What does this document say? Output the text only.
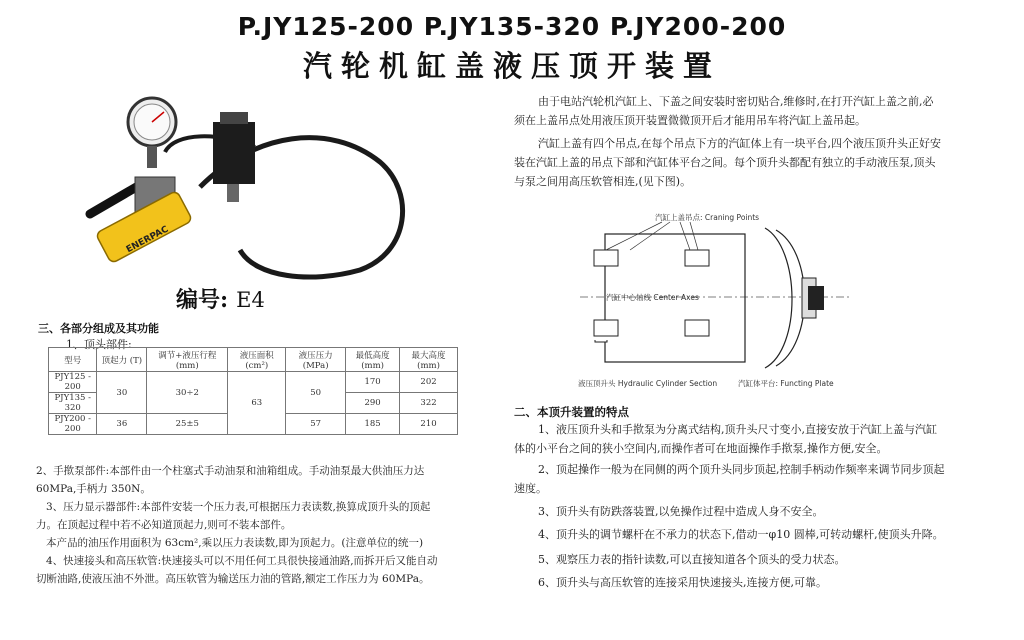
P.JY125-200 P.JY135-320 P.JY200-200
汽轮机缸盖液压顶开装置
ENERPAC
编号: E4
三、各部分组成及其功能
1、顶头部件:
型号	顶起力 (T)	调节+液压行程 (mm)	液压面积 (cm²)	液压压力 (MPa)	最低高度 (mm)	最大高度 (mm)
PJY125 - 200	30	30÷2	63	50	170	202
PJY135 - 320					290	322
PJY200 - 200	36	25±5		57	185	210
2、手揿泵部件:本部件由一个柱塞式手动油泵和油箱组成。手动油泵最大供油压力达
60MPa,手柄力 350N。
3、压力显示器部件:本部件安装一个压力表,可根据压力表读数,换算成顶升头的顶起
力。在顶起过程中若不必知道顶起力,则可不装本部件。
本产品的油压作用面积为 63cm²,乘以压力表读数,即为顶起力。(注意单位的统一)
4、快速接头和高压软管:快速接头可以不用任何工具很快接通油路,而拆开后又能自动
切断油路,使液压油不外泄。高压软管为输送压力油的管路,额定工作压力为 60MPa。
由于电站汽轮机汽缸上、下盖之间安装时密切贴合,维修时,在打开汽缸上盖之前,必
须在上盖吊点处用液压顶开装置微微顶开后才能用吊车将汽缸上盖吊起。
汽缸上盖有四个吊点,在每个吊点下方的汽缸体上有一块平台,四个液压顶升头正好安
装在汽缸上盖的吊点下部和汽缸体平台之间。每个顶升头都配有独立的手动液压泵,顶头
与泵之间用高压软管相连,(见下图)。
汽缸上盖吊点: Craning Points
汽缸中心轴线 Center Axes
液压顶升头 Hydraulic Cylinder Section	汽缸体平台: Functing Plate
二、本顶升装置的特点
1、液压顶升头和手揿泵为分离式结构,顶升头尺寸变小,直接安放于汽缸上盖与汽缸
体的小平台之间的狭小空间内,而操作者可在地面操作手揿泵,操作方便,安全。
2、顶起操作一般为在同侧的两个顶升头同步顶起,控制手柄动作频率来调节同步顶起
速度。
3、顶升头有防跌落装置,以免操作过程中造成人身不安全。
4、顶升头的调节螺杆在不承力的状态下,借动一φ10 圆棒,可转动螺杆,使顶头升降。
5、观察压力表的指针读数,可以直接知道各个顶头的受力状态。
6、顶升头与高压软管的连接采用快速接头,连接方便,可靠。
